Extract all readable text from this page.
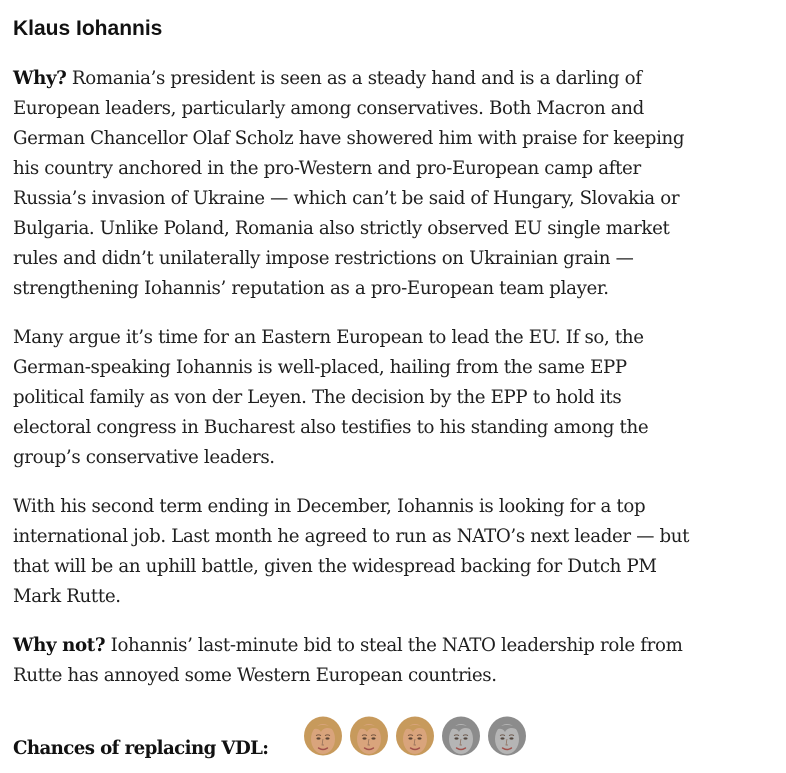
Klaus Iohannis

Why? Romania’s president is seen as a steady hand and is a darling of European leaders, particularly among conservatives. Both Macron and German Chancellor Olaf Scholz have showered him with praise for keeping his country anchored in the pro-Western and pro-European camp after Russia’s invasion of Ukraine — which can’t be said of Hungary, Slovakia or Bulgaria. Unlike Poland, Romania also strictly observed EU single market rules and didn’t unilaterally impose restrictions on Ukrainian grain — strengthening Iohannis’ reputation as a pro-European team player.

Many argue it’s time for an Eastern European to lead the EU. If so, the German-speaking Iohannis is well-placed, hailing from the same EPP political family as von der Leyen. The decision by the EPP to hold its electoral congress in Bucharest also testifies to his standing among the group’s conservative leaders.

With his second term ending in December, Iohannis is looking for a top international job. Last month he agreed to run as NATO’s next leader — but that will be an uphill battle, given the widespread backing for Dutch PM Mark Rutte.

Why not? Iohannis’ last-minute bid to steal the NATO leadership role from Rutte has annoyed some Western European countries.

Chances of replacing VDL:
